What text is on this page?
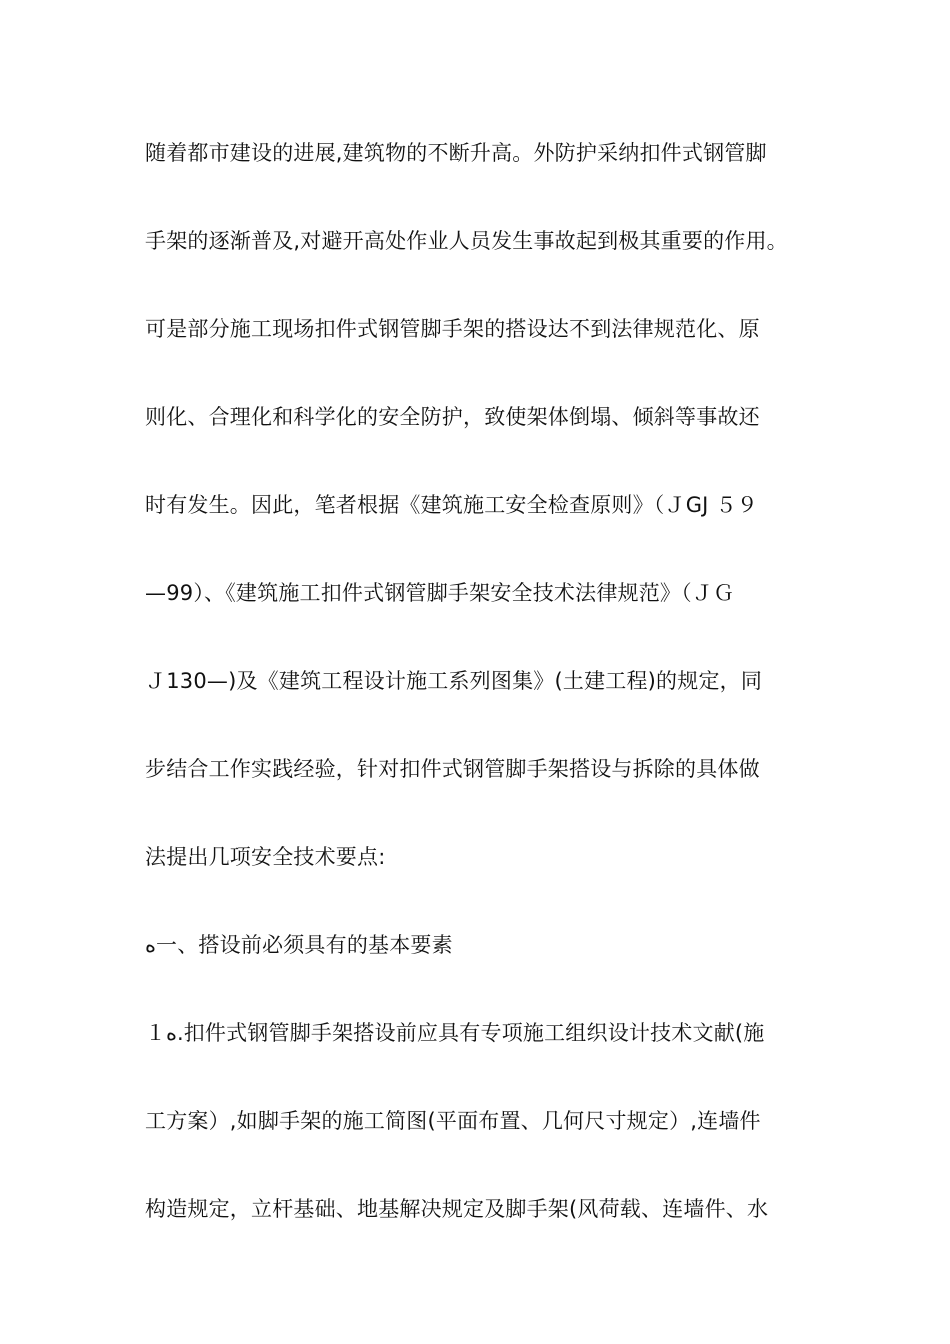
随着都市建设的进展,建筑物的不断升高。外防护采纳扣件式钢管脚
手架的逐渐普及,对避开高处作业人员发生事故起到极其重要的作用。
可是部分施工现场扣件式钢管脚手架的搭设达不到法律规范化、原
则化、合理化和科学化的安全防护，致使架体倒塌、倾斜等事故还
时有发生。因此，笔者根据《建筑施工安全检查原则》（ＪGJ ５９
—99）、《建筑施工扣件式钢管脚手架安全技术法律规范》（ＪＧ
Ｊ130—)及《建筑工程设计施工系列图集》(土建工程)的规定，同
步结合工作实践经验，针对扣件式钢管脚手架搭设与拆除的具体做
法提出几项安全技术要点:
ﻩ一、搭设前必须具有的基本要素
１ﻩ.扣件式钢管脚手架搭设前应具有专项施工组织设计技术文献(施
工方案）,如脚手架的施工简图(平面布置、几何尺寸规定）,连墙件
构造规定，立杆基础、地基解决规定及脚手架(风荷载、连墙件、水
